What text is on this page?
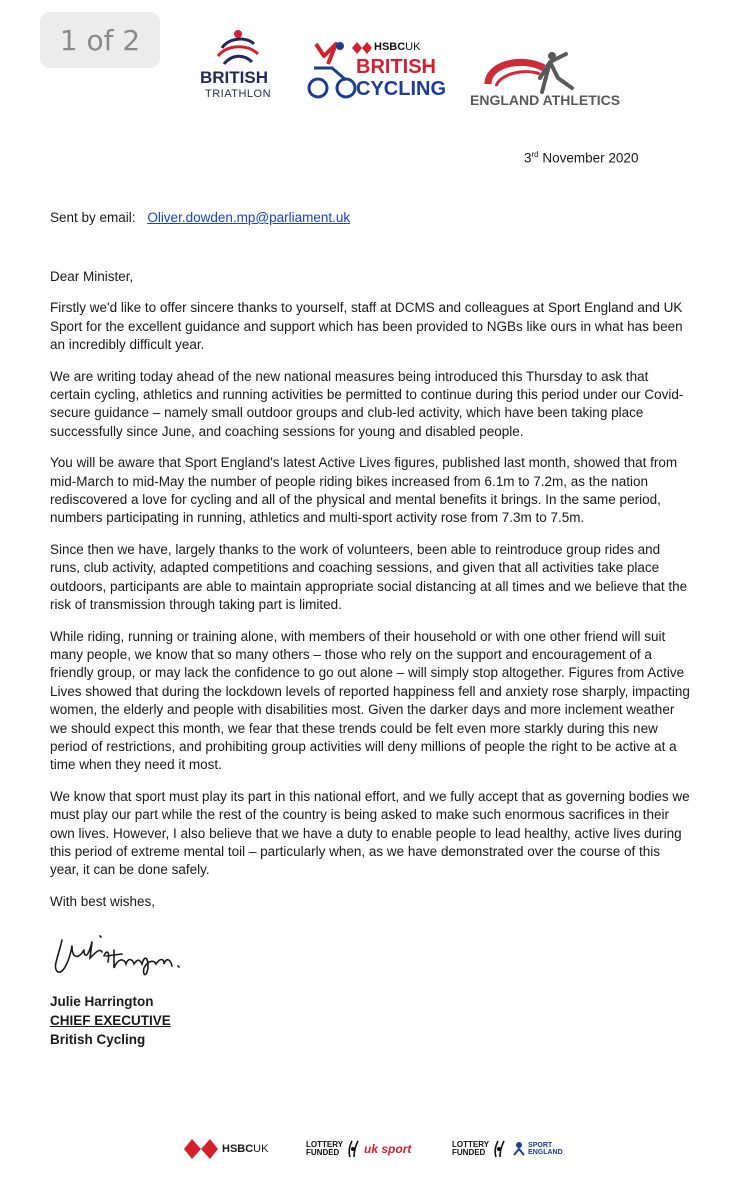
1 of 2
BRITISH
TRIATHLON
HSBCUK
BRITISH
CYCLING ENGLAND ATHLETICS
3rd November 2020
Sent by email: Oliver.dowden.mp@parliament.uk

Dear Minister,

Firstly we'd like to offer sincere thanks to yourself, staff at DCMS and colleagues at Sport England and UK Sport for the excellent guidance and support which has been provided to NGBs like ours in what has been an incredibly difficult year.

We are writing today ahead of the new national measures being introduced this Thursday to ask that certain cycling, athletics and running activities be permitted to continue during this period under our Covid-secure guidance – namely small outdoor groups and club-led activity, which have been taking place successfully since June, and coaching sessions for young and disabled people.

You will be aware that Sport England's latest Active Lives figures, published last month, showed that from mid-March to mid-May the number of people riding bikes increased from 6.1m to 7.2m, as the nation rediscovered a love for cycling and all of the physical and mental benefits it brings. In the same period, numbers participating in running, athletics and multi-sport activity rose from 7.3m to 7.5m.

Since then we have, largely thanks to the work of volunteers, been able to reintroduce group rides and runs, club activity, adapted competitions and coaching sessions, and given that all activities take place outdoors, participants are able to maintain appropriate social distancing at all times and we believe that the risk of transmission through taking part is limited.

While riding, running or training alone, with members of their household or with one other friend will suit many people, we know that so many others – those who rely on the support and encouragement of a friendly group, or may lack the confidence to go out alone – will simply stop altogether. Figures from Active Lives showed that during the lockdown levels of reported happiness fell and anxiety rose sharply, impacting women, the elderly and people with disabilities most. Given the darker days and more inclement weather we should expect this month, we fear that these trends could be felt even more starkly during this new period of restrictions, and prohibiting group activities will deny millions of people the right to be active at a time when they need it most.

We know that sport must play its part in this national effort, and we fully accept that as governing bodies we must play our part while the rest of the country is being asked to make such enormous sacrifices in their own lives. However, I also believe that we have a duty to enable people to lead healthy, active lives during this period of extreme mental toil – particularly when, as we have demonstrated over the course of this year, it can be done safely.

With best wishes,

Julie Harrington
CHIEF EXECUTIVE
British Cycling
HSBC UK	LOTTERY
FUNDED	uk sport	LOTTERY
FUNDED
SPORT
ENGLAND
